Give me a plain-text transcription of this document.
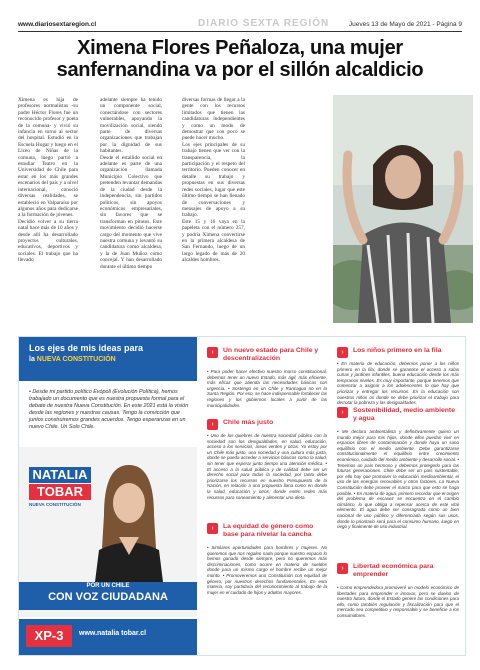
www.diariosextaregion.cl	DIARIO SEXTA REGIÓN	Jueves 13 de Mayo de 2021 - Página 9
Ximena Flores Peñaloza, una mujer sanfernandina va por el sillón alcaldicio
Ximena es hija de profesores normalistas -su padre Héctor Flores fue un reconocido profesor y poeta de la comuna- y vivió su infancia en torno al sector del hospital. Estudió en la Escuela Hogar y luego en el Liceo de Niñas de la comuna, luego partió a estudiar Teatro en la Universidad de Chile para estar en los más grandes escenarios del país y a nivel internacional, conoció diversas realidades, se estableció en Valparaíso por algunos años para dedicarse a la formación de jóvenes.
Decidió volver a su tierra natal hace más de 10 años y desde allí ha desarrollado proyectos culturales, educativos, deportivos y sociales. El trabajo que ha llevado
adelante siempre ha tenido un componente social, conectándose con sectores vulnerables, apoyando la movilización social, siendo parte de diversas organizaciones que trabajan por la dignidad de sus habitantes.
Desde el estallido social en adelante es parte de una organización llamada Municipio Colectivo que pretenden levantar demandas de la ciudad desde la independencia, sin partidos políticos, sin apoyos económicos empresariales, sin favores que se transforman en pitutos. Este movimiento decidió hacerse cargo del momento que vive nuestra comuna y levantó su candidatura como alcaldesa, y la de Juan Muñoz como concejal. Y han desarrollado durante el último tiempo
diversas formas de llegar a la gente con los recursos limitados que tienen las candidaturas independientes y como un modo de demostrar que con poco se puede hacer mucho.
Los ejes principales de su trabajo tienen que ver con la transparencia, la participación y el respeto del territorio. Pueden conocer en detalle su trabajo y propuestas en sus diversas redes sociales, lugar que este último tiempo se han llenado de conversaciones y mensajes de apoyo a su trabajo.
Este 15 y 16 vaya en la papeleta con el número 257, y podría Ximena convertirse en la primera alcaldesa de San Fernando, luego de un largo legado de más de 20 alcaldes hombres.
Los ejes de mis ideas para
la NUEVA CONSTITUCIÓN
• Desde mi partido político Evópoli (Evolución Política), hemos trabajado un documento que es nuestra propuesta formal para el debate de nuestra Nueva Constitución. En este 2021 está la visión desde las regiones y nuestras causas. Tengo la convicción que juntos construiremos grandes acuerdos. Tengo esperanzas en un nuevo Chile. Un Solo Chile.
NATALIA
TOBAR
NUEVA CONSTITUCIÓN
POR UN CHILE
CON VOZ CIUDADANA
XP-3	www.natalia tobar.cl
›	Un nuevo estado para Chile y descentralización
• Para poder hacer efectivo nuestro marco constitucional, debemos tener un nuevo Estado, más ágil, más eficiente, más eficaz que atienda las necesidades básicas con urgencia. • Sostengo en un Chile y Rancagua no en la Santa Región. Por eso, se hace indispensable fortalecer las regiones y los gobiernos locales a partir de las municipalidades.
›	Chile más justo
• Uno de los quiebres de nuestra sociedad público con la sociedad son los desigualdades, en salud, educación, acceso a los servicios, áreas verdes y otras. Yo estoy por un Chile más justo, una sociedad y una cultura más justa, donde se pueda acceder a servicios básicos como la salud, sin tener que esperar junto tiempo una atención médica. • El acceso a la salud pública y de calidad debe ser un derecho social para todas la sociedad, por tanto debe priorizarse los recursos en nuestro Presupuesto de la Nación, en relación a una propuesta llana como en donde la salud, educación y otros, donde estén redes más recursos para saneamiento y alimentar una dieta.
›	La equidad de género como base para nivelar la cancha
• Similares oportunidades para hombres y mujeres. No queremos que nos regalen nada porque nuestro espacio lo hemos ganado desde siempre, pero no queremos más discriminaciones, como ocurre en materia de sueldos donde para un mismo cargo el hombre recibe un mejor monto. • Promoveremos una Constitución con equidad de género, por nuestros derechos fundamentales. En esta materia, soy partidaria del reconocimiento al trabajo de la mujer en el cuidado de hijos y adultos mayores.
›	Los niños primero en la fila
• En materia de educación, debemos poner a los niños primero en la fila, donde se garantice el acceso a salas cunas y jardines infantiles, buena educación desde los más tempranos niveles. Es muy importante, porque tenemos que comenzar a asignar a los adolescentes lo que hay que priorizar y entregar los recursos. En la educación son nuestros niños os donde se debe priorizar el trabajo para derrotar la pobreza y las desigualdades.
›	Sostenibilidad, medio ambiente y agua
• Me declaro ambientalista y definitivamente quiero un mundo mejor para mis hijos, donde ellos puedan vivir en espacios libres de contaminación y donde haya un sano equilibrio con el medio ambiente. Debe garantizarse constitucionalmente el equilibrio entre crecimiento económico, cuidado del medio ambiente y desarrollo social. • Tenemos un país hermoso y debemos protegerlo para las futuras generaciones. Chile debe ser un país sustentable, por ello hay que promover la educación medioambiental, el uso de las energías renovables y otros factores. La Nueva Constitución debe proveer el marco para que esto se haga posible. • En materia de agua, primero recordar que el origen del problema de escasez se encuentra en el cambio climático, lo que obliga a repensar acerca de este vital elemento. El agua debe ser consagrada como un bien nacional de uso público y diferenciada según sus usos, donde lo prioritario será para el consumo humano, luego en riego y finalmente de uso industrial.
›	Libertad económica para emprender
• Como emprendedora promoveré un modelo económico de libertades para emprender e innovar, pero se duelos de nuestro futuro, donde el Estado genere las condiciones para ello, como también regulación y fiscalización para que el mercado sea competitivo y responsable y se beneficie a los consumidores.
